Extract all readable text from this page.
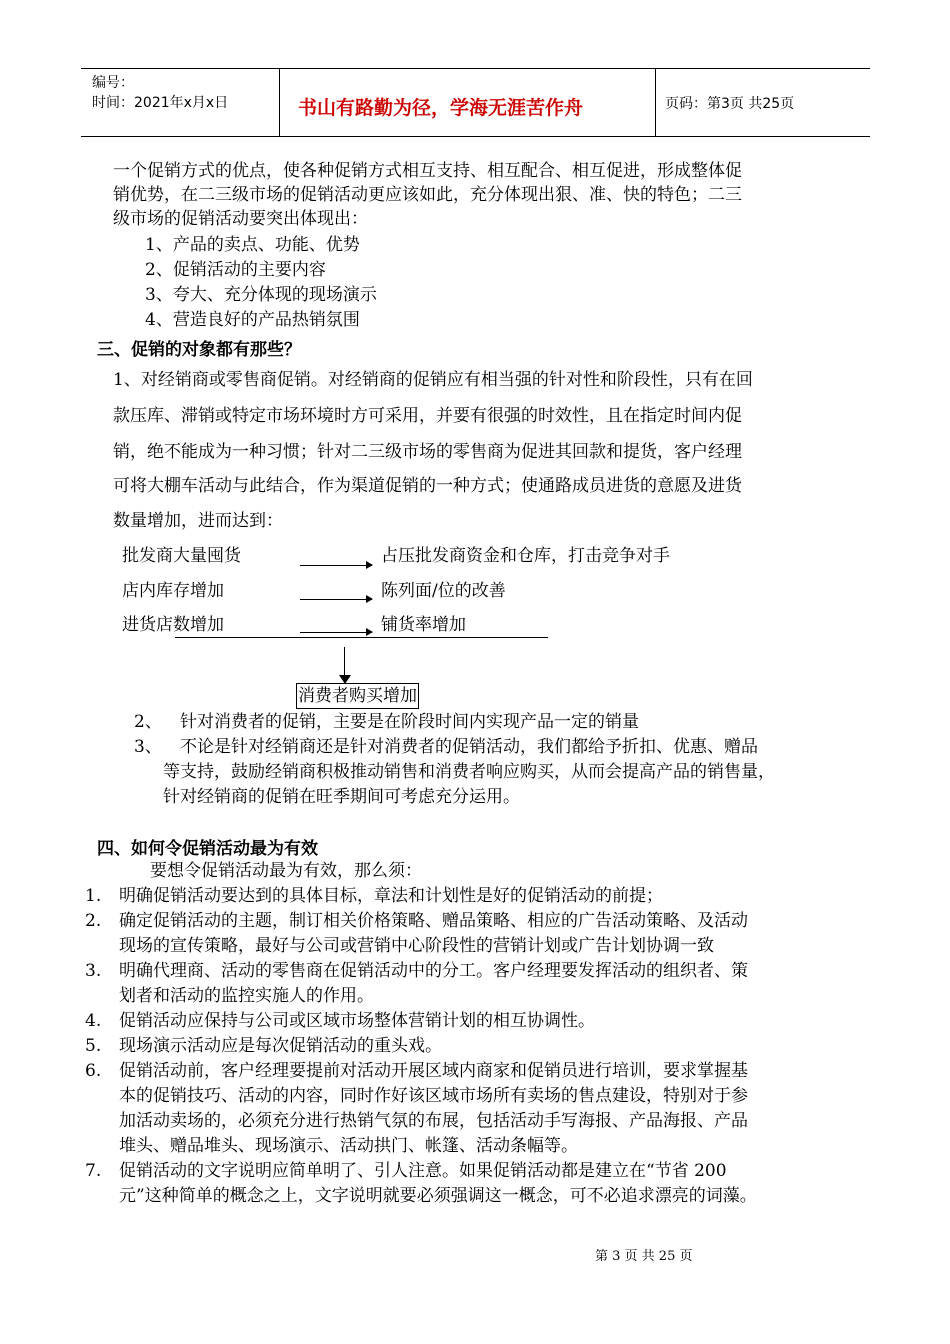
编号：
时间：2021年x月x日	书山有路勤为径，学海无涯苦作舟	页码：第3页 共25页
一个促销方式的优点，使各种促销方式相互支持、相互配合、相互促进，形成整体促
销优势，在二三级市场的促销活动更应该如此，充分体现出狠、准、快的特色；二三
级市场的促销活动要突出体现出：
1、产品的卖点、功能、优势
2、促销活动的主要内容
3、夸大、充分体现的现场演示
4、营造良好的产品热销氛围
三、促销的对象都有那些？
1、对经销商或零售商促销。对经销商的促销应有相当强的针对性和阶段性，只有在回
款压库、滞销或特定市场环境时方可采用，并要有很强的时效性，且在指定时间内促
销，绝不能成为一种习惯；针对二三级市场的零售商为促进其回款和提货，客户经理
可将大棚车活动与此结合，作为渠道促销的一种方式；使通路成员进货的意愿及进货
数量增加，进而达到：
批发商大量囤货	占压批发商资金和仓库，打击竞争对手
店内库存增加	陈列面/位的改善
进货店数增加	铺货率增加
消费者购买增加
2、 针对消费者的促销，主要是在阶段时间内实现产品一定的销量
3、 不论是针对经销商还是针对消费者的促销活动，我们都给予折扣、优惠、赠品
等支持，鼓励经销商积极推动销售和消费者响应购买，从而会提高产品的销售量，
针对经销商的促销在旺季期间可考虑充分运用。
四、如何令促销活动最为有效
要想令促销活动最为有效，那么须：
1. 明确促销活动要达到的具体目标，章法和计划性是好的促销活动的前提；
2. 确定促销活动的主题，制订相关价格策略、赠品策略、相应的广告活动策略、及活动
现场的宣传策略，最好与公司或营销中心阶段性的营销计划或广告计划协调一致
3. 明确代理商、活动的零售商在促销活动中的分工。客户经理要发挥活动的组织者、策
划者和活动的监控实施人的作用。
4. 促销活动应保持与公司或区域市场整体营销计划的相互协调性。
5. 现场演示活动应是每次促销活动的重头戏。
6. 促销活动前，客户经理要提前对活动开展区域内商家和促销员进行培训，要求掌握基
本的促销技巧、活动的内容，同时作好该区域市场所有卖场的售点建设，特别对于参
加活动卖场的，必须充分进行热销气氛的布展，包括活动手写海报、产品海报、产品
堆头、赠品堆头、现场演示、活动拱门、帐篷、活动条幅等。
7. 促销活动的文字说明应简单明了、引人注意。如果促销活动都是建立在“节省 200
元”这种简单的概念之上，文字说明就要必须强调这一概念，可不必追求漂亮的词藻。
第 3 页 共 25 页
